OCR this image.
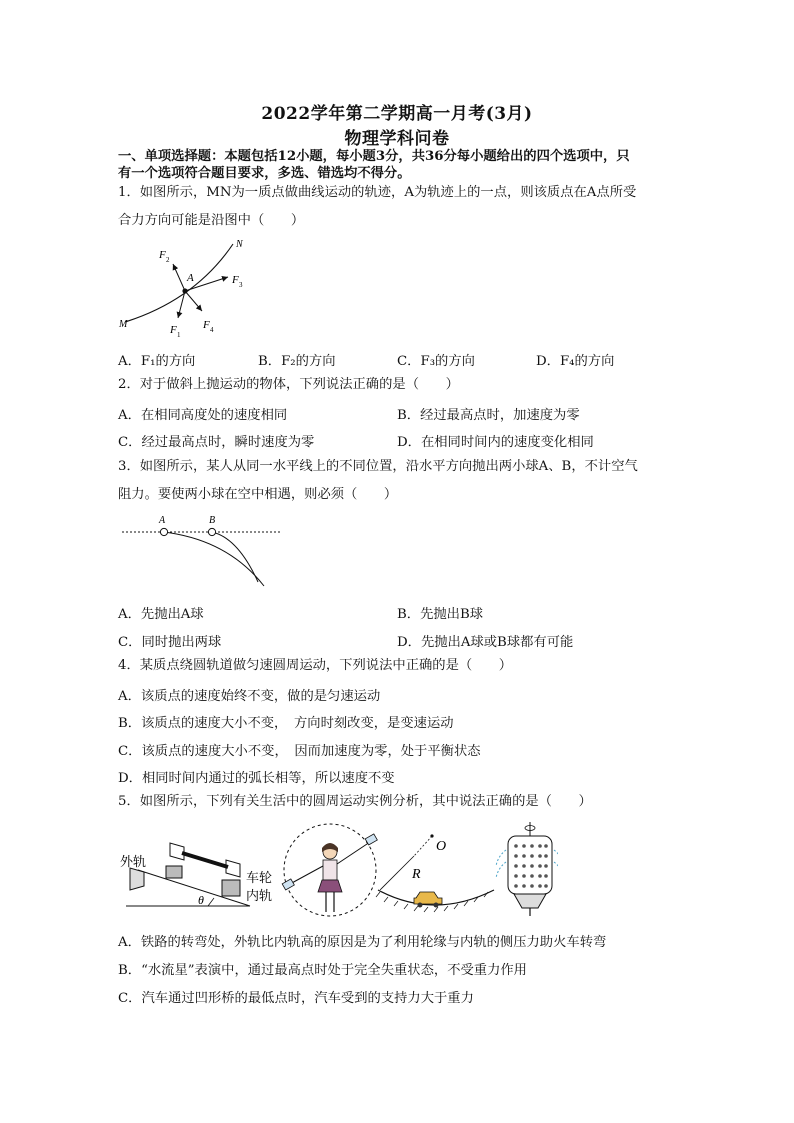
2022学年第二学期高一月考(3月)
物理学科问卷
一、单项选择题：本题包括12小题，每小题3分，共36分每小题给出的四个选项中，只
有一个选项符合题目要求，多选、错选均不得分。
1．如图所示，MN为一质点做曲线运动的轨迹，A为轨迹上的一点，则该质点在A点所受
合力方向可能是沿图中（　　）
M
N
A
F 2
F 3
F 1
F 4
A．F₁的方向	B．F₂的方向	C．F₃的方向	D．F₄的方向
2．对于做斜上抛运动的物体，下列说法正确的是（　　）
A．在相同高度处的速度相同	B．经过最高点时，加速度为零
C．经过最高点时，瞬时速度为零	D．在相同时间内的速度变化相同
3．如图所示，某人从同一水平线上的不同位置，沿水平方向抛出两小球A、B，不计空气
阻力。要使两小球在空中相遇，则必须（　　）
A	B
A．先抛出A球	B．先抛出B球
C．同时抛出两球	D．先抛出A球或B球都有可能
4．某质点绕圆轨道做匀速圆周运动，下列说法中正确的是（　　）
A．该质点的速度始终不变，做的是匀速运动
B．该质点的速度大小不变，　方向时刻改变，是变速运动
C．该质点的速度大小不变，　因而加速度为零，处于平衡状态
D．相同时间内通过的弧长相等，所以速度不变
5．如图所示，下列有关生活中的圆周运动实例分析，其中说法正确的是（　　）
外轨
车轮
内轨
θ
O
R
A．铁路的转弯处，外轨比内轨高的原因是为了利用轮缘与内轨的侧压力助火车转弯
B．“水流星”表演中，通过最高点时处于完全失重状态，不受重力作用
C．汽车通过凹形桥的最低点时，汽车受到的支持力大于重力
